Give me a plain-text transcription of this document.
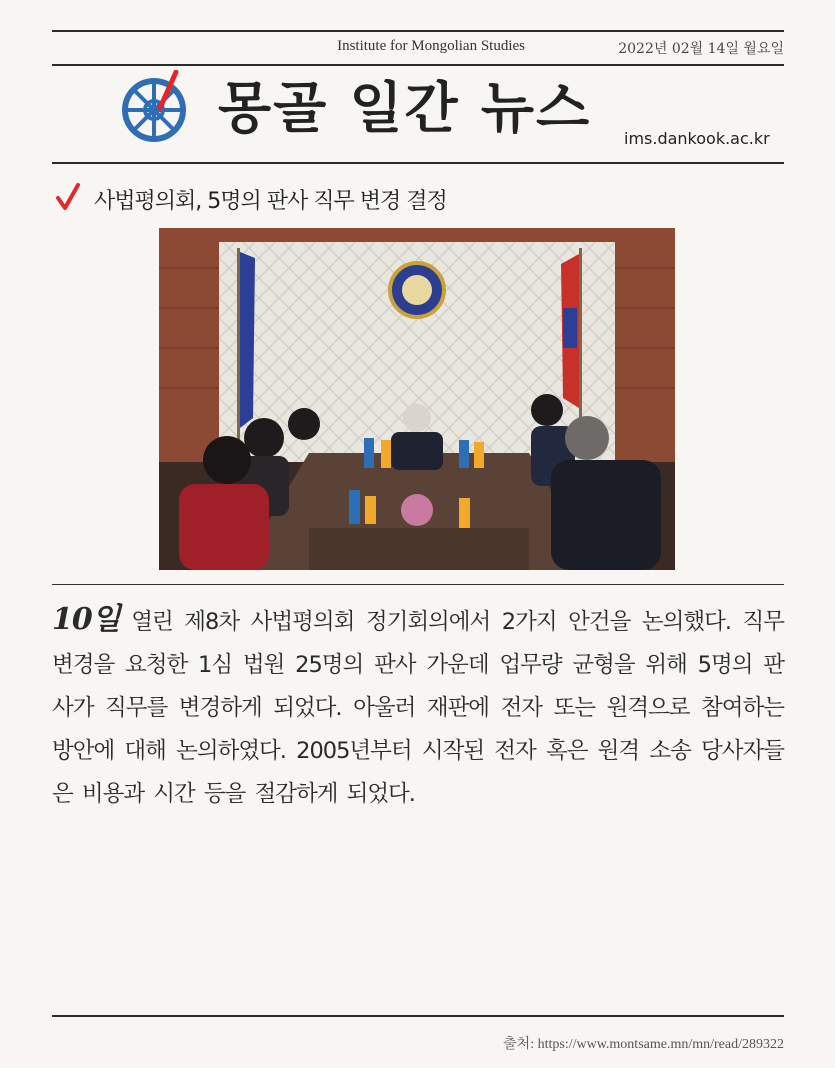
Institute for Mongolian Studies	2022년 02월 14일 월요일
몽골 일간 뉴스	ims.dankook.ac.kr
사법평의회, 5명의 판사 직무 변경 결정

10일 열린 제8차 사법평의회 정기회의에서 2가지 안건을 논의했다. 직무변경을 요청한 1심 법원 25명의 판사 가운데 업무량 균형을 위해 5명의 판사가 직무를 변경하게 되었다. 아울러 재판에 전자 또는 원격으로 참여하는 방안에 대해 논의하였다. 2005년부터 시작된 전자 혹은 원격 소송 당사자들은 비용과 시간 등을 절감하게 되었다.

출처: https://www.montsame.mn/mn/read/289322
